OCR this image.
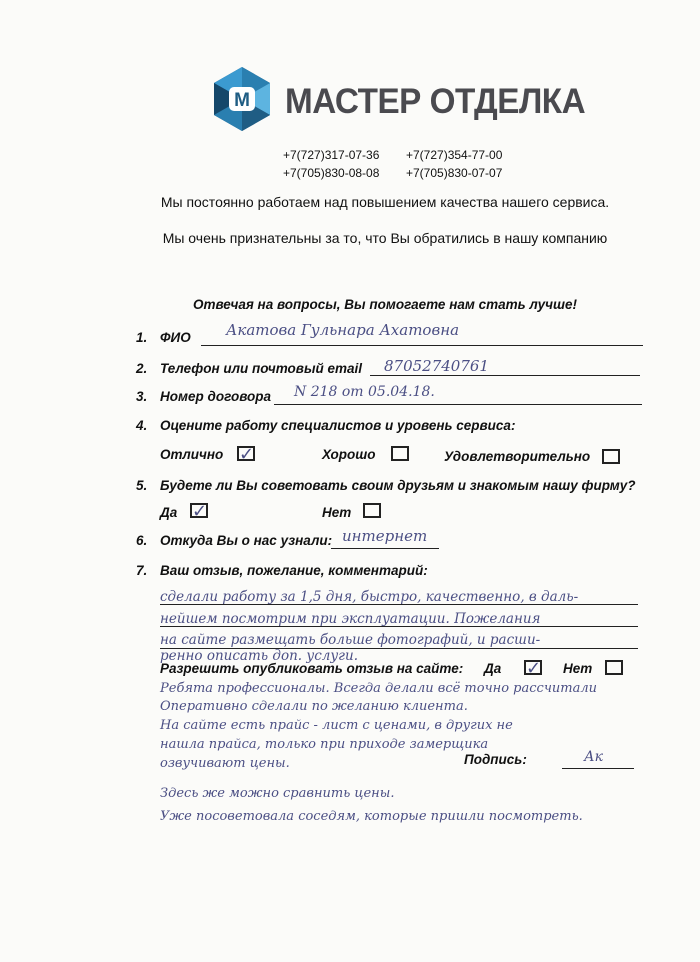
М МАСТЕР ОТДЕЛКА
+7(727)317-07-36 +7(727)354-77-00
+7(705)830-08-08 +7(705)830-07-07
Мы постоянно работаем над повышением качества нашего сервиса.
Мы очень признательны за то, что Вы обратились в нашу компанию
Отвечая на вопросы, Вы помогаете нам стать лучше!
1. ФИО Акатова Гульнара Ахатовна
2. Телефон или почтовый email 87052740761
3. Номер договора N 218 от 05.04.18.
4. Оцените работу специалистов и уровень сервиса:
Отлично ✓	Хорошо	Удовлетворительно
5. Будете ли Вы советовать своим друзьям и знакомым нашу фирму?
Да ✓	Нет
6. Откуда Вы о нас узнали: интернет
7. Ваш отзыв, пожелание, комментарий:
сделали работу за 1,5 дня, быстро, качественно, в даль-
нейшем посмотрим при эксплуатации. Пожелания
на сайте размещать больше фотографий, и расши-
ренно описать доп. услуги.
Разрешить опубликовать отзыв на сайте: Да ✓ Нет
Ребята профессионалы. Всегда делали всё точно рассчитали
Оперативно сделали по желанию клиента.
На сайте есть прайс - лист с ценами, в других не
нашла прайса, только при приходе замерщика
озвучивают цены.
Здесь же можно сравнить цены.
Уже посоветовала соседям, которые пришли посмотреть.
Подпись:	Ак
